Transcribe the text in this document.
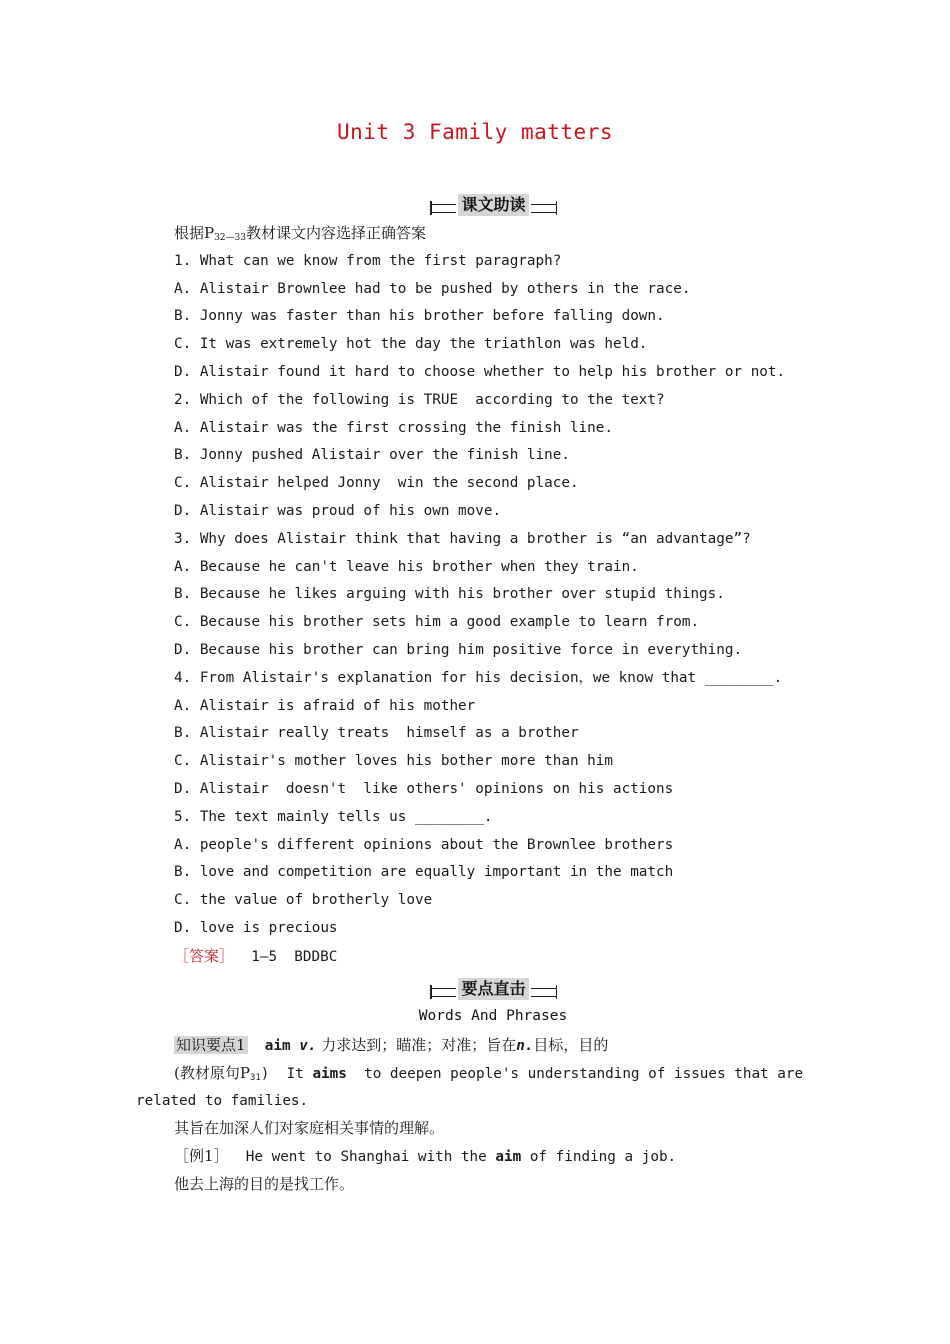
Unit 3 Family matters
课文助读
根据$P_{32—33}$教材课文内容选择正确答案
1. What can we know from the first paragraph?
A. Alistair Brownlee had to be pushed by others in the race.
B. Jonny was faster than his brother before falling down.
C. It was extremely hot the day the triathlon was held.
D. Alistair found it hard to choose whether to help his brother or not.
2. Which of the following is TRUE  according to the text?
A. Alistair was the first crossing the finish line.
B. Jonny pushed Alistair over the finish line.
C. Alistair helped Jonny  win the second place.
D. Alistair was proud of his own move.
3. Why does Alistair think that having a brother is “an advantage”?
A. Because he can't leave his brother when they train.
B. Because he likes arguing with his brother over stupid things.
C. Because his brother sets him a good example to learn from.
D. Because his brother can bring him positive force in everything.
4. From Alistair's explanation for his decision，we know that ________.
A. Alistair is afraid of his mother
B. Alistair really treats  himself as a brother
C. Alistair's mother loves his bother more than him
D. Alistair  doesn't  like others' opinions on his actions
5. The text mainly tells us ________.
A. people's different opinions about the Brownlee brothers
B. love and competition are equally important in the match
C. the value of brotherly love
D. love is precious
［答案］  1—5  BDDBC
要点直击
Words And Phrases
知识要点1 aim v. 力求达到；瞄准；对准；旨在n.目标，目的
(教材原句$P_{31}$)  It aims  to deepen people's understanding of issues that are
related to families.
其旨在加深人们对家庭相关事情的理解。
［例1］  He went to Shanghai with the aim of finding a job.
他去上海的目的是找工作。
